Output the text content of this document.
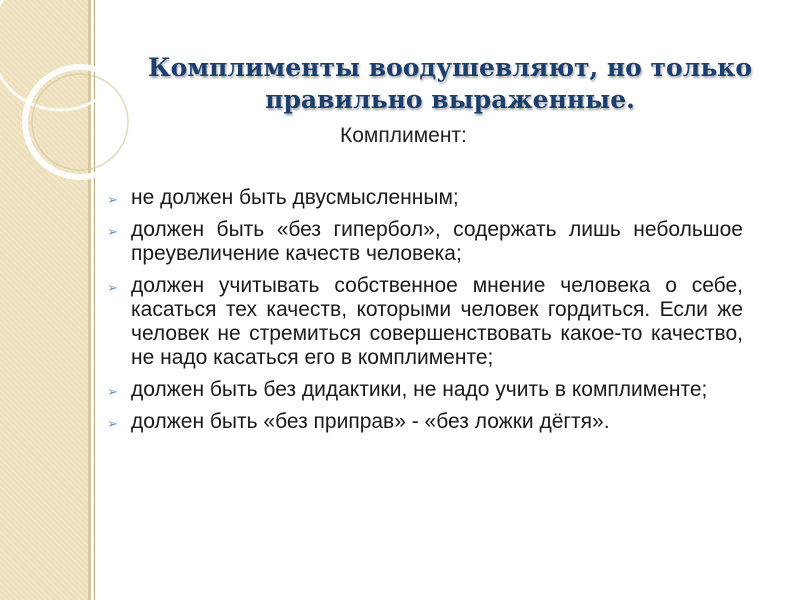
Комплименты воодушевляют, но только правильно выраженные.
Комплимент:
➢ не должен быть двусмысленным;
➢ должен быть «без гипербол», содержать лишь небольшое преувеличение качеств человека;
➢ должен учитывать собственное мнение человека о себе, касаться тех качеств, которыми человек гордиться. Если же человек не стремиться совершенствовать какое-то качество, не надо касаться его в комплименте;
➢ должен быть без дидактики, не надо учить в комплименте;
➢ должен быть «без приправ» - «без ложки дёгтя».
